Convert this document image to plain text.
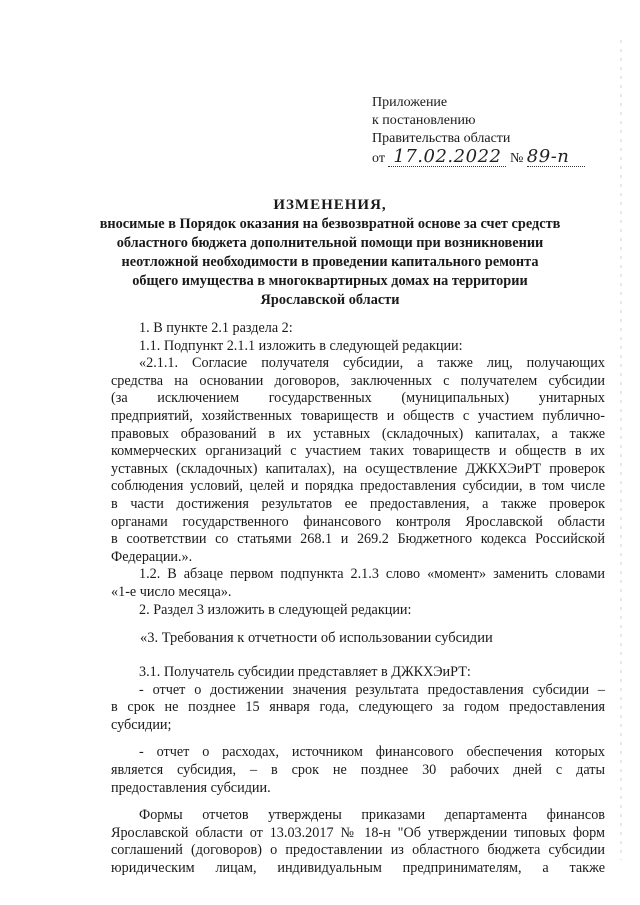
Приложение
к постановлению
Правительства области
от 17.02.2022 № 89-п
ИЗМЕНЕНИЯ,
вносимые в Порядок оказания на безвозвратной основе за счет средств
областного бюджета дополнительной помощи при возникновении
неотложной необходимости в проведении капитального ремонта
общего имущества в многоквартирных домах на территории
Ярославской области
1. В пункте 2.1 раздела 2:
1.1. Подпункт 2.1.1 изложить в следующей редакции:
«2.1.1. Согласие получателя субсидии, а также лиц, получающих
средства на основании договоров, заключенных с получателем субсидии
(за исключением государственных (муниципальных) унитарных
предприятий, хозяйственных товариществ и обществ с участием публично-
правовых образований в их уставных (складочных) капиталах, а также
коммерческих организаций с участием таких товариществ и обществ в их
уставных (складочных) капиталах), на осуществление ДЖКХЭиРТ проверок
соблюдения условий, целей и порядка предоставления субсидии, в том числе
в части достижения результатов ее предоставления, а также проверок
органами государственного финансового контроля Ярославской области
в соответствии со статьями 268.1 и 269.2 Бюджетного кодекса Российской
Федерации.».
1.2. В абзаце первом подпункта 2.1.3 слово «момент» заменить словами
«1-е число месяца».
2. Раздел 3 изложить в следующей редакции:
«3. Требования к отчетности об использовании субсидии
3.1. Получатель субсидии представляет в ДЖКХЭиРТ:
- отчет о достижении значения результата предоставления субсидии –
в срок не позднее 15 января года, следующего за годом предоставления
субсидии;
- отчет о расходах, источником финансового обеспечения которых
является субсидия, – в срок не позднее 30 рабочих дней с даты
предоставления субсидии.
Формы отчетов утверждены приказами департамента финансов
Ярославской области от 13.03.2017 № 18-н "Об утверждении типовых форм
соглашений (договоров) о предоставлении из областного бюджета субсидии
юридическим лицам, индивидуальным предпринимателям, а также
